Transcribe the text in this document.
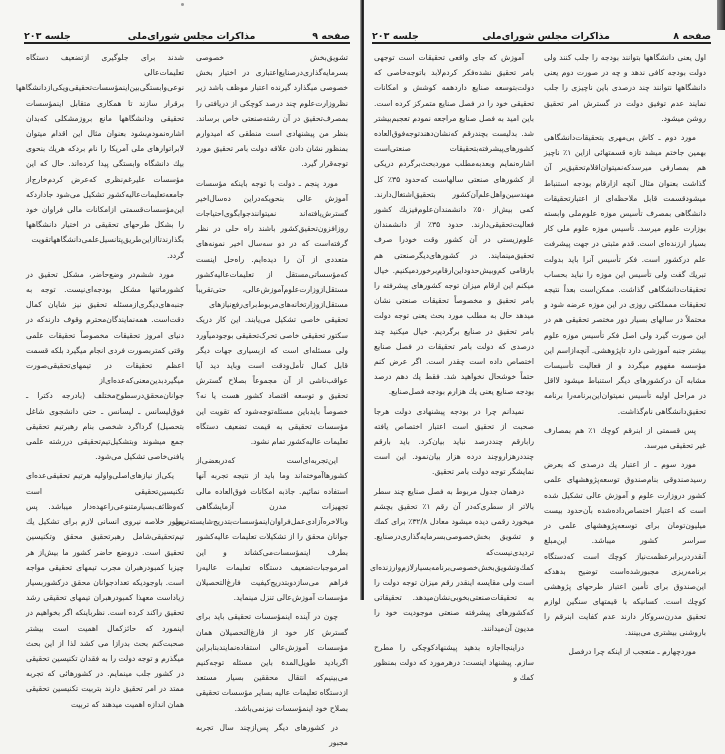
صفحه ۹
مذاکرات مجلس شورای‌ملی
جلسه ۲۰۳

تشویق‌بخش خصوصی بسرمایه‌گذاری‌درصنایع‌اعتباری در اختیار بخش خصوصی میگذارد گیرنده اعتبار موظف باشد زیر نظروزارت‌علوم چند درصد کوچکی از دریافتی را بمصرف‌تحقیق در آن رشته‌صنعتی خاص برساند. بنظر من پیشنهادی است منطقی که امیدوارم بمنظور نشان دادن علاقه دولت بامر تحقیق مورد توجه‌قرار گیرد.

مورد پنجم ـ دولت با توجه باینکه مؤسسات آموزش عالی بنحویکه‌دراین ده‌سال‌اخیر گسترش‌یافته‌اند نمیتوانند‌جوابگوی‌احتیاجات روزافزون‌تحقیق‌کشور باشند راه حلی در نظر گرفته‌است که در دو سه‌سال اخیر نمونه‌های متعددی از آن را دیده‌ایم. راه‌حل اینست که‌مؤسساتی‌مستقل از تعلیمات‌عالیه‌کشور مستقل‌ازوزارت‌علوم‌آموزش‌عالی، حتی‌تقریباً مستقل‌ازوزارتخانه‌های‌مربوط‌برای‌رفع‌نیازهای تحقیقی خاصی تشکیل می‌یابند. این کار دریک سکتور تحقیقی خاصی تحرک‌تحقیقی بوجودمیآورد ولی مسئله‌ای است که ازبسیاری جهات دیگر قابل کمال تأمل‌ودقت است وباید دید آیا عواقب‌ناشی از آن مجموعاً بصلاح گسترش تحقیق و توسعه اقتصاد کشور هست یا نه؟ خصوصاً بایدباین مسئله‌توجه‌شود که تقویت این مؤسسات تحقیقی به قیمت تضعیف دستگاه تعلیمات عالیه‌کشور تمام نشود.

این‌تجربه‌ای‌است که‌دربعضی‌از کشورها‌آموخته‌اند وما باید از نتیجه تجربه آنها استفاده نمائیم. جاذبه امکانات فوق‌العاده مالی تجهیزات مدرن آزمایشگاهی وبالاخره‌آزادی‌عمل‌فراوان‌اینمؤسسات‌بتدریج‌شایسته‌ترین جوانان محقق را از تشکیلات تعلیمات عالیه‌کشور بطرف اینمؤسسات‌می‌کشاند و این امرموجبات‌تضعیف دستگاه تعلیمات عالیه‌را فراهم می‌سازدو‌بتدریج‌کیفیت فارغ‌التحصیلان مؤسسات آموزش‌عالی تنزل مینماید.

چون در آینده اینمؤسسات تحقیقی باید برای گسترش کار خود از فارغ‌التحصیلان همان مؤسسات آموزش‌عالی استفاده‌نمایند‌بنابراین اگر‌بادید طویل‌المدة باین مسئله توجه‌کنیم می‌بینیم‌که انتقال محققین بسیار مستعد ازدستگاه تعلیمات عالیه بسایر مؤسسات تحقیقی بصلاح خود اینمؤسسات نیز‌نمی‌باشد.

در کشورهای دیگر پس‌ازچند سال تجربه مجبور

شدند برای جلوگیری ازتضعیف دستگاه تعلیمات‌عالی نوعی‌وابستگی‌بین‌اینمؤسسات‌تحقیقی‌ویکی‌از‌دانشگاهها برقرار سازند تا همکاری متقابل اینمؤسسات تحقیقی ودانشگاهها مانع بروزمشکلی که‌بدان اشاره‌نمودم‌بشود بعنوان مثال این اقدام میتوان لابراتوارهای ملی آمریکا را نام بردکه هریك بنحوی بیك دانشگاه وابستگی پیدا کرده‌اند. حال که این مؤسسات علیرغم‌نظری که‌عرض کردم‌خارج‌از جامعه‌تعلیمات‌عالیه‌کشور تشکیل می‌شود جادارد‌که این‌مؤسسات‌قسمتی ازامکانات مالی فراوان خود را بشکل طرحهای تحقیقی در اختیار دانشگاهها بگذارند‌تا‌ازاین‌طریق‌پتانسیل‌علمی‌دانشگاهها‌تقویت گردد.

مورد ششم‌در وضع‌حاضر، مشکل تحقیق در کشورماتنها مشکل بودجه‌ای‌نیست. توجه به جنبه‌های‌دیگری‌ازمسئله تحقیق نیز شایان کمال دقت‌است. همه‌نمایندگان‌محترم وقوف دارند‌که در دنیای امروز تحقیقات مخصوصاً تحقیقات علمی وقتی کمتر‌بصورت فردی انجام میگیرد بلکه قسمت اعظم تحقیقات در تیمهای‌تحقیقی‌صورت میگیرد‌بدین‌معنی‌که‌عده‌ای‌از جوانان‌محقق‌درسطوح‌مختلف (بادرجه دکترا ـ فوق‌لیسانس ـ لیسانس ـ حتی دانشجوی شاغل بتحصیل) گرداگرد شخصی بنام رهبر‌تیم تحقیقی جمع میشوند وبتشکیل‌تیم‌تحقیقی درر‌شته علمی یافنی‌خاصی تشکیل می‌شود.

یکی‌از نیازهای‌اصلی‌و‌اولیه هرتیم تحقیقی‌عده‌ای تکنیسین‌تحقیقی است که‌وظائف‌بسیار‌متنوعی‌را‌عهده‌دار میباشد. پس بطور خلاصه نیروی انسانی لازم برای تشکیل یك تیم‌تحقیقی‌شامل رهبر‌تحقیق محقق وتکنیسین تحقیق است. در‌وضع حاضر کشور ما بیش‌از هر چیزبا کمبود‌رهبران مجرب تیمهای تحقیقی مواجه است. باوجودیکه تعدادجوانان محقق در‌کشوربسیار زیاد‌است معهذا کمبود‌رهبران تیمهای تحقیقی رشد تحقیق راکند کرده است. نظرباینکه اگر بخواهیم در اینمورد که حائزکمال اهمیت است بیشتر صحبت‌کنم بحث بدرازا می کشد لذا از این بحث میگذرم و توجه دولت را به فقدان تکنیسین تحقیقی در کشور جلب مینمایم. در کشورهائی که تجربه ممتد در امر تحقیق دارند بتربیت تکنیسین تحقیقی همان اندازه اهمیت میدهند که تربیت

صفحه ۸
مذاکرات مجلس شورای‌ملی
جلسه ۲۰۳

اول یعنی دانشگاهها بتوانند بودجه را جلب کنند ولی دولت بودجه کافی ندهد و چه در صورت دوم یعنی دانشگاهها نتوانند چند درصدی باین ناچیزی را جلب نمایند عدم توفیق دولت در گسترش امر تحقیق روشن میشود.

مورد دوم ـ کاش بی‌مهری بتحقیقات‌دانشگاهی بهمین جاختم میشد تازه قسمتهائی ازاین ۱٪ ناچیز هم بمصارفی میرسد‌که‌نمیتوان‌اقلام‌تحقیق‌بر آن گذاشت بعنوان مثال آنچه ازارقام بودجه استنباط میشود‌قسمت قابل ملاحظه‌ای از اعتبارتحقیقات دانشگاهی بمصرف تأسیس موزه علوم‌ملی وابسته بوزارت علوم میرسد. تأسیس موزه علوم ملی کار بسیار ارزنده‌ای است. قدم مثبتی در جهت پیشرفت علم در‌کشور است. فکر تأسیس آنرا باید بدولت تبریك گفت ولی تأسیس این موزه را نباید بحساب تحقیقات‌دانشگاهی گذاشت. ممکن‌است بعداً نتیجه تحقیقات ممملکتی روزی در این موزه عرضه شود و محتملاً در سالهای بسیار دور مختصر تحقیقی هم در این صورت گیرد ولی اصل فکر تأسیس موزه علوم بیشتر جنبه آموزشی دارد تاپژوهشی. آنچه‌ازاسم این مؤسسه مفهوم میگردد و از فعالیت تأسیسات مشابه آن در‌کشورهای دیگر استنباط میشود لااقل در مراحل اولیه تأسیس نمیتوان‌این‌برنامه‌را برنامه تحقیق‌دانشگاهی نام‌گذاشت.

پس قسمتی از ابنرقم کوچك ۱٪ هم بمصارف غیر تحقیقی میرسد.

مورد سوم ـ از اعتبار یك درصدی که بعرض رسید‌صندوقی بنام‌صندوق توسعه‌پژوهشهای علمی کشور دروزارت علوم و آموزش عالی تشکیل شده است که اعتبار اختصاص‌داده‌شده بآن‌حدود بیست میلیون‌تومان برای توسعه‌پژوهشهای علمی در سراسر کشور میباشد. این‌مبلغ آنقدر‌دربرابر‌عظمت‌نیاز کوچك است که‌دستگاه برنامه‌ریزی مجبور‌شده‌است توضیح بدهدکه این‌صندوق برای تأمین اعتبار طرحهای پژوهشی کوچك است. کسانیکه با قیمتهای سنگین لوازم تحقیق مدرن‌سروکار دارند عدم کفایت ابنرقم را باروشنی بیشتری می‌بینند.

مورد‌چهارم ـ متعجب از اینکه چرا درفصل

آموزش که جای واقعی تحقیقات است توجهی بامر تحقیق نشده‌فکر کردم‌لابد باتوجه‌خاصی که دولت‌بتوسعه صنایع داردهمه کوشش و امکانات تحقیقی خود را در فصل صنایع متمرکز کرده است. باین امید به فصل صنایع مراجعه نمودم تعجبم‌بیشتر شد. بدلیست بچندرقم که‌نشان‌دهندتوجه‌فوق‌العاده کشورهای‌پیشرفته‌بتحقیقات صنعتی‌است اشاره‌نمایم وبعد‌به‌مطلب مورد‌بحث‌برگردم دریکی از کشورهای صنعتی سالهاست که‌حدود ۳۵٪ کل مهندسین‌واهل‌علم‌آن‌کشور بتحقیق‌اشتغال‌دارند. کمی بیش‌از ۵۰٪ دانشمندان‌علوم‌فیزیك کشور فعالیت‌تحقیقی‌دارند. حدود ۳۵٪ از دانشمندان علوم‌زیستی در آن کشور وقت خودرا صرف تحقیق‌مینمایند. در کشورهای‌دیگر‌صنعتی هم بارقامی کم‌وبیش‌حدوداین‌ارقام‌برخوردمیکنیم. خیال میکنم این ارقام میزان توجه کشورهای پیشرفته را بامر تحقیق و مخصوصاً تحقیقات صنعتی نشان میدهد حال به مطلب مورد بحث یعنی توجه دولت بامر تحقیق در صنایع برگردیم. خیال میکنید چند درصدی که دولت بامر تحقیقات در فصل صنایع اختصاص داده است چقدر است. اگر عرض کنم حتماً خوشحال نخواهید شد. فقط یك دهم درصد بودجه صنایع یعنی یك هزارم بودجه فصل‌صنایع.

نمیدانم چرا در بودجه پیشنهادی دولت هرجا صحبت از تحقیق است اعتبار اختصاص یافته رابارقم چنددرصد نباید بیان‌کرد. باید بارقم چند‌درهزاروچند درده هزار بیان‌نمود. این است نمایشگر توجه دولت بامر تحقیق.

درهمان جدول مربوط به فصل صنایع چند سطر بالاتر از سطری‌که‌در آن رقم ۱٪ تحقیق بچشم میخورد رقمی دیده میشود معادل ۳۲/۸٪ برای کمك و تشویق بخش‌خصوصی‌بسرمایه‌گذاری‌در‌صنایع. تردیدی‌نیست‌که کمك‌وتشویق‌بخش‌خصوصی‌برنامه‌بسیار‌لازم‌وارزنده‌ای است ولی مقایسه اینقدر رقم میزان توجه دولت را به تحقیقات‌صنعتی‌بخوبی‌نشان‌میدهد. تحقیقاتی که‌کشورهای پیشرفته صنعتی موجودیت خود را مدیون آن‌میدانند.

دراینجااجازه بدهید پیشنهاد‌کوچکی را مطرح سازم. پیشنهاد اینست: درهرمورد که دولت بمنظور کمك و
